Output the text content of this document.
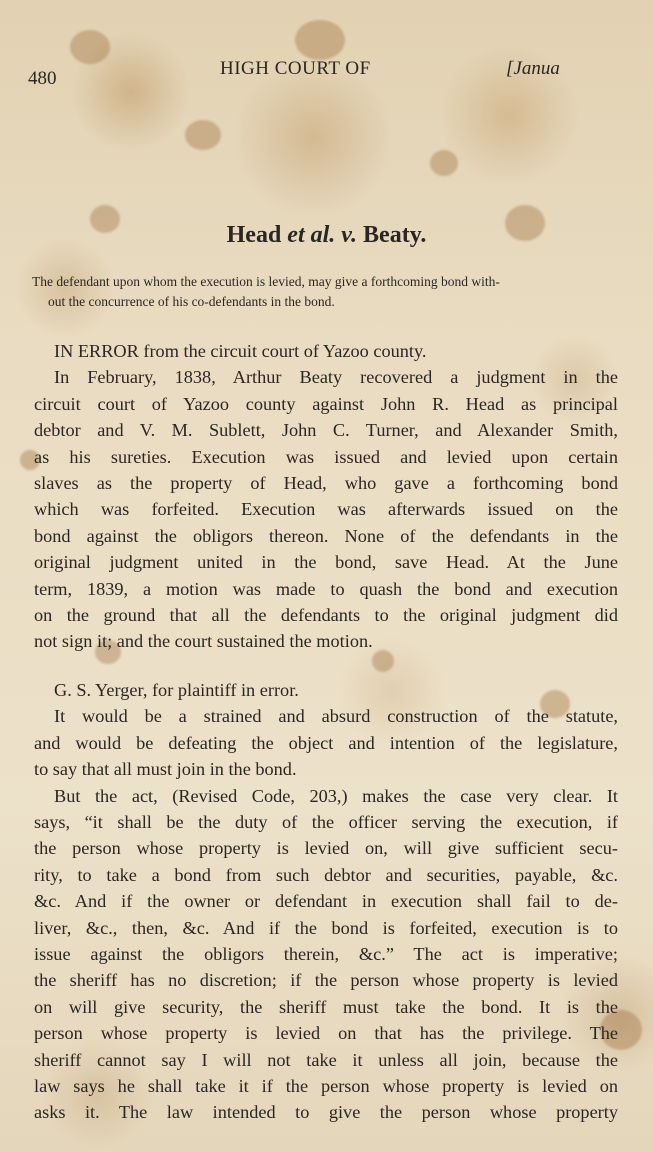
480	HIGH COURT OF	[Janua
Head et al. v. Beaty.
The defendant upon whom the execution is levied, may give a forthcoming bond with-
out the concurrence of his co-defendants in the bond.
IN ERROR from the circuit court of Yazoo county.
In February, 1838, Arthur Beaty recovered a judgment in the
circuit court of Yazoo county against John R. Head as principal
debtor and V. M. Sublett, John C. Turner, and Alexander Smith,
as his sureties. Execution was issued and levied upon certain
slaves as the property of Head, who gave a forthcoming bond
which was forfeited. Execution was afterwards issued on the
bond against the obligors thereon. None of the defendants in the
original judgment united in the bond, save Head. At the June
term, 1839, a motion was made to quash the bond and execution
on the ground that all the defendants to the original judgment did
not sign it; and the court sustained the motion.
G. S. Yerger, for plaintiff in error.
It would be a strained and absurd construction of the statute,
and would be defeating the object and intention of the legislature,
to say that all must join in the bond.
But the act, (Revised Code, 203,) makes the case very clear. It
says, “it shall be the duty of the officer serving the execution, if
the person whose property is levied on, will give sufficient secu-
rity, to take a bond from such debtor and securities, payable, &c.
&c. And if the owner or defendant in execution shall fail to de-
liver, &c., then, &c. And if the bond is forfeited, execution is to
issue against the obligors therein, &c.” The act is imperative;
the sheriff has no discretion; if the person whose property is levied
on will give security, the sheriff must take the bond. It is the
person whose property is levied on that has the privilege. The
sheriff cannot say I will not take it unless all join, because the
law says he shall take it if the person whose property is levied on
asks it. The law intended to give the person whose property
